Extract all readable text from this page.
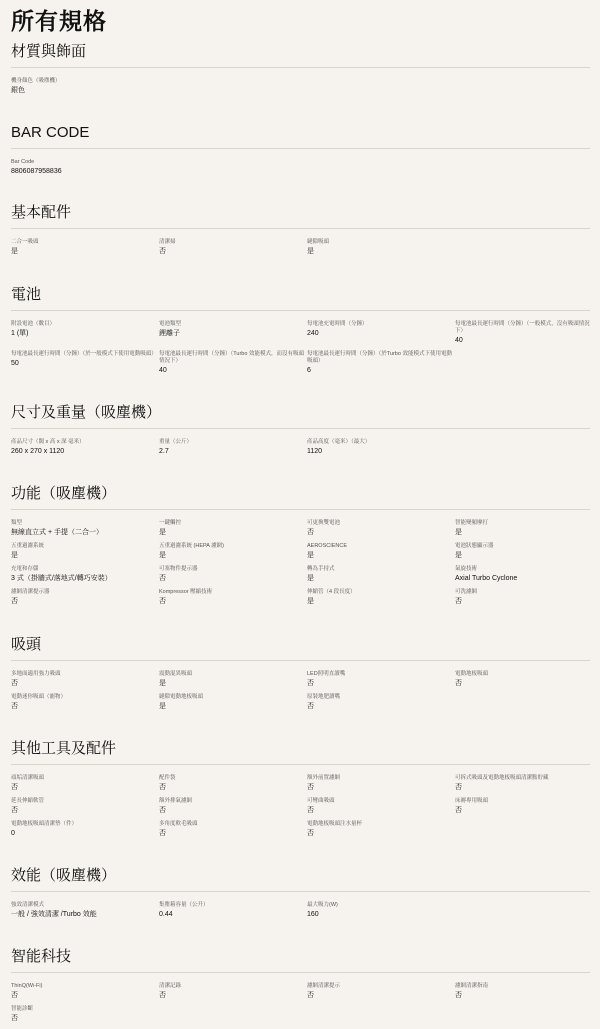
所有規格
材質與飾面
機身顏色（吸塵機）
銀色
BAR CODE
Bar Code
8806087958836
基本配件
二合一吸頭
是
清潔掃
否
縫隙吸頭
是
電池
附設電池（數目）
1 (單)
電池類型
鋰離子
每電池充電時間（分鐘）
240
每電池最長運行時間（分鐘）（一般模式，沒有吸頭情況下）
40
每電池最長運行時間（分鐘）（於一般模式下使用電動吸頭）
50
每電池最長運行時間（分鐘）（Turbo 效能模式，而沒有吸頭情況下）
40
每電池最長運行時間（分鐘）（於Turbo 效能模式下使用電動吸頭）
6
尺寸及重量（吸塵機）
產品尺寸（闊 x 高 x 深 毫米）
260 x 270 x 1120
重量（公斤）
2.7
產品高度（毫米）（最大）
1120
功能（吸塵機）
類型
無線直立式 + 手提（二合一）
一鍵觸控
是
可更換雙電池
否
智能變頻摩打
是
五重過濾系統
是
五重過濾系統 (HEPA 濾網)
是
AEROSCIENCE
是
電池狀態顯示器
是
充電和存儲
3 式（掛牆式/落地式/轉巧安裝）
可塞物件提示器
否
轉為手持式
是
氣旋技術
Axial Turbo Cyclone
濾網清潔提示器
否
Kompressor 壓縮技術
否
伸縮管（4 段長度）
是
可洗濾網
否
吸頭
多地面適用強力吸頭
否
震動混異吸頭
是
LED照明直讀嘴
否
電動地板吸頭
否
電動迷你吸頭（寵物）
否
縫隙電動地板吸頭
是
原裝地肥讀嘴
否
其他工具及配件
頑垢清潔吸頭
否
配件袋
否
額外前置濾網
否
可拆式吸頭及電動地板吸頭清潔點貯藏
否
延長伸縮軟管
否
額外排氣濾網
否
可彎曲吸頭
否
床褥專用吸頭
否
電動地板吸頭清潔墊（件）
0
多角度軟毛吸頭
否
電動地板吸頭注水量杯
否
效能（吸塵機）
強效清潔模式
一般 / 強效清潔 /Turbo 效能
集塵箱容量（公升）
0.44
最大吸力(W)
160
智能科技
ThinQ(Wi-Fi)
否
清潔記錄
否
濾網清潔提示
否
濾網清潔指南
否
智能診斷
否
